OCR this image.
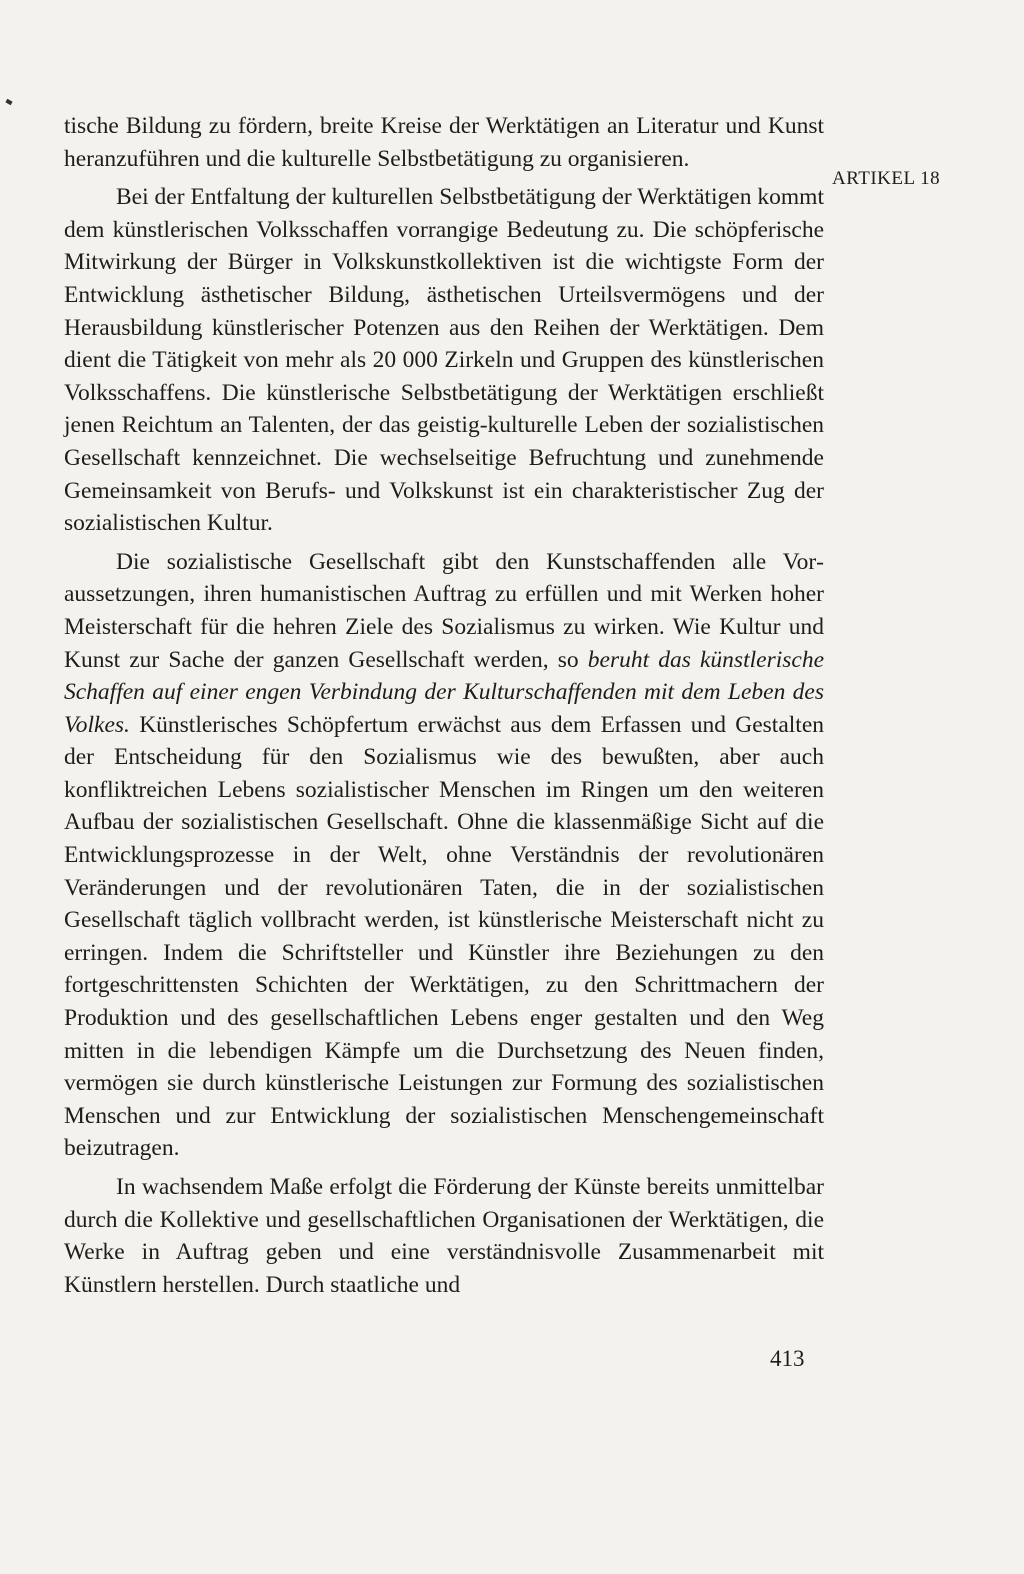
tische Bildung zu fördern, breite Kreise der Werktätigen an Literatur und Kunst heranzuführen und die kulturelle Selbstbetätigung zu organisieren.

Bei der Entfaltung der kulturellen Selbstbetätigung der Werktätigen kommt dem künstlerischen Volksschaffen vorrangige Bedeutung zu. Die schöpferische Mitwirkung der Bürger in Volkskunstkollektiven ist die wichtigste Form der Entwicklung ästhetischer Bildung, ästhetischen Urteilsvermögens und der Herausbildung künstlerischer Potenzen aus den Reihen der Werktätigen. Dem dient die Tätigkeit von mehr als 20 000 Zirkeln und Gruppen des künstlerischen Volksschaffens. Die künstlerische Selbstbetätigung der Werktätigen erschließt jenen Reichtum an Talenten, der das geistig-kulturelle Leben der sozialistischen Gesellschaft kennzeichnet. Die wechselseitige Befruchtung und zunehmende Gemeinsamkeit von Berufs- und Volkskunst ist ein charakteristischer Zug der sozialistischen Kultur.

Die sozialistische Gesellschaft gibt den Kunstschaffenden alle Voraussetzungen, ihren humanistischen Auftrag zu erfüllen und mit Werken hoher Meisterschaft für die hehren Ziele des Sozialismus zu wirken. Wie Kultur und Kunst zur Sache der ganzen Gesellschaft werden, so beruht das künstlerische Schaffen auf einer engen Verbindung der Kulturschaffenden mit dem Leben des Volkes. Künstlerisches Schöpfertum erwächst aus dem Erfassen und Gestalten der Entscheidung für den Sozialismus wie des bewußten, aber auch konfliktreichen Lebens sozialistischer Menschen im Ringen um den weiteren Aufbau der sozialistischen Gesellschaft. Ohne die klassenmäßige Sicht auf die Entwicklungsprozesse in der Welt, ohne Verständnis der revolutionären Veränderungen und der revolutionären Taten, die in der sozialistischen Gesellschaft täglich vollbracht werden, ist künstlerische Meisterschaft nicht zu erringen. Indem die Schriftsteller und Künstler ihre Beziehungen zu den fortgeschrittensten Schichten der Werktätigen, zu den Schrittmachern der Produktion und des gesellschaftlichen Lebens enger gestalten und den Weg mitten in die lebendigen Kämpfe um die Durchsetzung des Neuen finden, vermögen sie durch künstlerische Leistungen zur Formung des sozialistischen Menschen und zur Entwicklung der sozialistischen Menschengemeinschaft beizutragen.

In wachsendem Maße erfolgt die Förderung der Künste bereits unmittelbar durch die Kollektive und gesellschaftlichen Organisationen der Werktätigen, die Werke in Auftrag geben und eine verständnisvolle Zusammenarbeit mit Künstlern herstellen. Durch staatliche und

ARTIKEL 18
413
